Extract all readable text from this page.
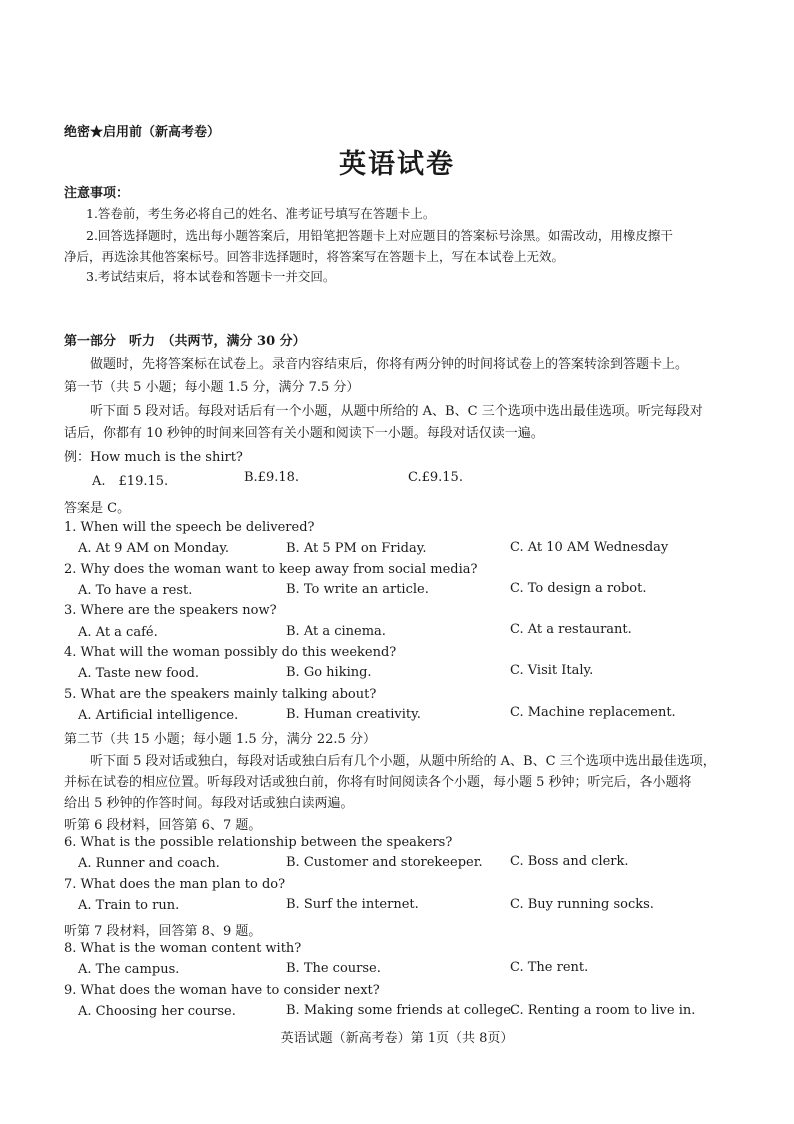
绝密★启用前（新高考卷）
英语试卷
注意事项：
1.答卷前，考生务必将自己的姓名、准考证号填写在答题卡上。
2.回答选择题时，选出每小题答案后，用铅笔把答题卡上对应题目的答案标号涂黑。如需改动，用橡皮擦干
净后，再选涂其他答案标号。回答非选择题时，将答案写在答题卡上，写在本试卷上无效。
3.考试结束后，将本试卷和答题卡一并交回。
第一部分　听力　（共两节，满分 30 分）
做题时，先将答案标在试卷上。录音内容结束后，你将有两分钟的时间将试卷上的答案转涂到答题卡上。
第一节（共 5 小题；每小题 1.5 分，满分 7.5 分）
听下面 5 段对话。每段对话后有一个小题，从题中所给的 A、B、C 三个选项中选出最佳选项。听完每段对
话后，你都有 10 秒钟的时间来回答有关小题和阅读下一小题。每段对话仅读一遍。
例：How much is the shirt?
A.　£19.15.	B.£9.18.	C.£9.15.
答案是 C。
1. When will the speech be delivered?
A. At 9 AM on Monday.	B. At 5 PM on Friday.	C. At 10 AM Wednesday
2. Why does the woman want to keep away from social media?
A. To have a rest.	B. To write an article.	C. To design a robot.
3. Where are the speakers now?
A. At a café.	B. At a cinema.	C. At a restaurant.
4. What will the woman possibly do this weekend?
A. Taste new food.	B. Go hiking.	C. Visit Italy.
5. What are the speakers mainly talking about?
A. Artificial intelligence.	B. Human creativity.	C. Machine replacement.
第二节（共 15 小题；每小题 1.5 分，满分 22.5 分）
听下面 5 段对话或独白，每段对话或独白后有几个小题，从题中所给的 A、B、C 三个选项中选出最佳选项，
并标在试卷的相应位置。听每段对话或独白前，你将有时间阅读各个小题，每小题 5 秒钟；听完后，各小题将
给出 5 秒钟的作答时间。每段对话或独白读两遍。
听第 6 段材料，回答第 6、7 题。
6. What is the possible relationship between the speakers?
A. Runner and coach.	B. Customer and storekeeper. C. Boss and clerk.
7. What does the man plan to do?
A. Train to run.	B. Surf the internet.	C. Buy running socks.
听第 7 段材料，回答第 8、9 题。
8. What is the woman content with?
A. The campus.	B. The course.	C. The rent.
9. What does the woman have to consider next?
A. Choosing her course.	B. Making some friends at college.
C. Renting a room to live in.
英语试题（新高考卷）第 1页（共 8页）
